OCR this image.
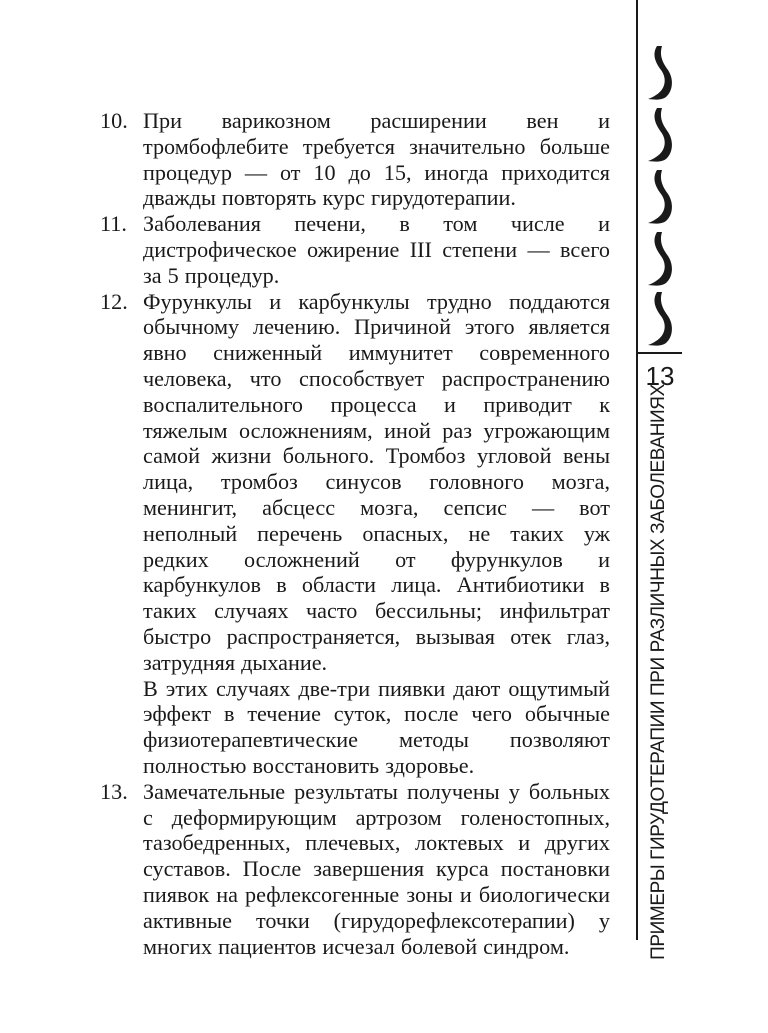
10. При варикозном расширении вен и тромбофлебите требуется значительно больше процедур — от 10 до 15, иногда приходится дважды повторять курс гирудотерапии.

11. Заболевания печени, в том числе и дистрофическое ожирение III степени — всего за 5 процедур.

12. Фурункулы и карбункулы трудно поддаются обычному лечению. Причиной этого является явно сниженный иммунитет современного человека, что способствует распространению воспалительного процесса и приводит к тяжелым осложнениям, иной раз угрожающим самой жизни больного. Тромбоз угловой вены лица, тромбоз синусов головного мозга, менингит, абсцесс мозга, сепсис — вот неполный перечень опасных, не таких уж редких осложнений от фурункулов и карбункулов в области лица. Антибиотики в таких случаях часто бессильны; инфильтрат быстро распространяется, вызывая отек глаз, затрудняя дыхание.

В этих случаях две-три пиявки дают ощутимый эффект в течение суток, после чего обычные физиотерапевтические методы позволяют полностью восстановить здоровье.

13. Замечательные результаты получены у больных с деформирующим артрозом голеностопных, тазобедренных, плечевых, локтевых и других суставов. После завершения курса постановки пиявок на рефлексогенные зоны и биологически активные точки (гирудорефлексотерапии) у многих пациентов исчезал болевой синдром.

13
ПРИМЕРЫ ГИРУДОТЕРАПИИ ПРИ РАЗЛИЧНЫХ ЗАБОЛЕВАНИЯХ
